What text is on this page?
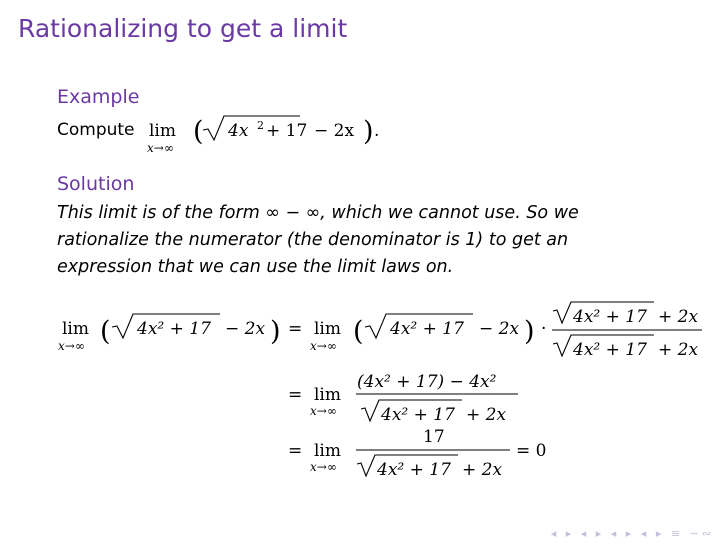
Rationalizing to get a limit
Example
Compute
Solution
This limit is of the form ∞ − ∞, which we cannot use. So we
rationalize the numerator (the denominator is 1) to get an
expression that we can use the limit laws on.
lim
x→∞
( 4x 2 + 17 − 2x ) .
lim
x→∞ ( 4x² + 17 − 2x ) = lim
x→∞ ( 4x² + 17 − 2x ) ·
4x² + 17 + 2x
4x² + 17 + 2x
= lim
x→∞
(4x² + 17) − 4x²
4x² + 17 + 2x
= lim
x→∞
17
4x² + 17 + 2x
= 0
◂ ▸ ◂ ▸ ◂ ▸ ◂ ▸ ≡ ∽∾
